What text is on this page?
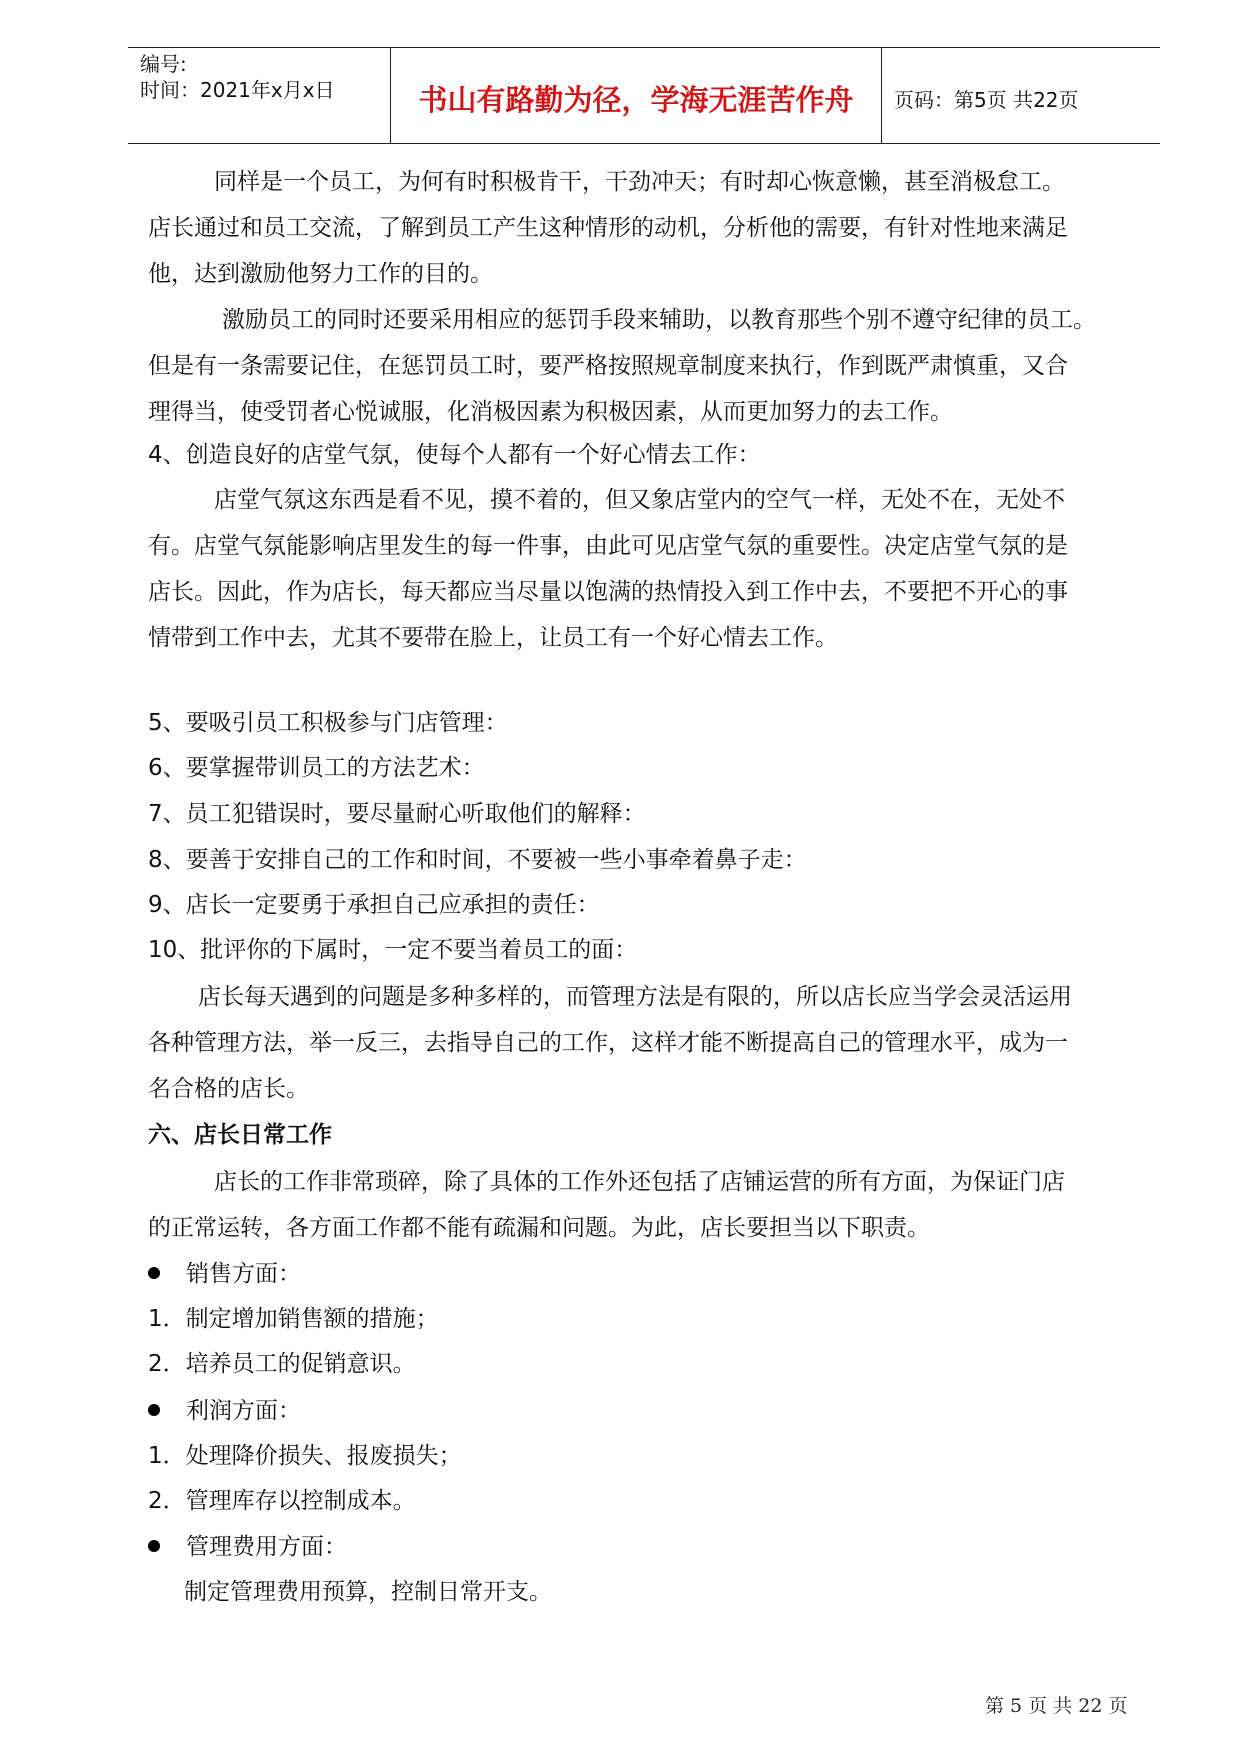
编号:
时间：2021年x月x日	书山有路勤为径，学海无涯苦作舟	页码：第5页 共22页
同样是一个员工，为何有时积极肯干，干劲冲天；有时却心恢意懒，甚至消极怠工。
店长通过和员工交流，了解到员工产生这种情形的动机，分析他的需要，有针对性地来满足
他，达到激励他努力工作的目的。
激励员工的同时还要采用相应的惩罚手段来辅助，以教育那些个别不遵守纪律的员工。
但是有一条需要记住，在惩罚员工时，要严格按照规章制度来执行，作到既严肃慎重，又合
理得当，使受罚者心悦诚服，化消极因素为积极因素，从而更加努力的去工作。
4、创造良好的店堂气氛，使每个人都有一个好心情去工作：
店堂气氛这东西是看不见，摸不着的，但又象店堂内的空气一样，无处不在，无处不
有。店堂气氛能影响店里发生的每一件事，由此可见店堂气氛的重要性。决定店堂气氛的是
店长。因此，作为店长，每天都应当尽量以饱满的热情投入到工作中去，不要把不开心的事
情带到工作中去，尤其不要带在脸上，让员工有一个好心情去工作。
5、要吸引员工积极参与门店管理：
6、要掌握带训员工的方法艺术：
7、员工犯错误时，要尽量耐心听取他们的解释：
8、要善于安排自己的工作和时间，不要被一些小事牵着鼻子走：
9、店长一定要勇于承担自己应承担的责任：
10、批评你的下属时，一定不要当着员工的面：
店长每天遇到的问题是多种多样的，而管理方法是有限的，所以店长应当学会灵活运用
各种管理方法，举一反三，去指导自己的工作，这样才能不断提高自己的管理水平，成为一
名合格的店长。
六、店长日常工作
店长的工作非常琐碎，除了具体的工作外还包括了店铺运营的所有方面，为保证门店
的正常运转，各方面工作都不能有疏漏和问题。为此，店长要担当以下职责。
销售方面：
1．制定增加销售额的措施；
2．培养员工的促销意识。
利润方面：
1．处理降价损失、报废损失；
2．管理库存以控制成本。
管理费用方面：
制定管理费用预算，控制日常开支。
第 5 页 共 22 页
